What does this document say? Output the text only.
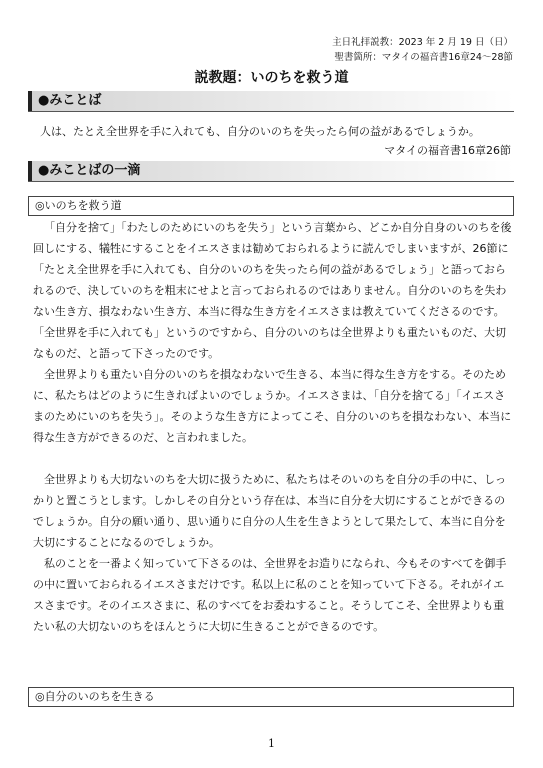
主日礼拝説教：2023 年 2 月 19 日（日）
聖書箇所：マタイの福音書16章24～28節
説教題：いのちを救う道
●みことば
人は、たとえ全世界を手に入れても、自分のいのちを失ったら何の益があるでしょうか。
マタイの福音書16章26節
●みことばの一滴
◎いのちを救う道

「自分を捨て」「わたしのためにいのちを失う」という言葉から、どこか自分自身のいのちを後回しにする、犠牲にすることをイエスさまは勧めておられるように読んでしまいますが、26節に「たとえ全世界を手に入れても、自分のいのちを失ったら何の益があるでしょう」と語っておられるので、決していのちを粗末にせよと言っておられるのではありません。自分のいのちを失わない生き方、損なわない生き方、本当に得な生き方をイエスさまは教えていてくださるのです。「全世界を手に入れても」というのですから、自分のいのちは全世界よりも重たいものだ、大切なものだ、と語って下さったのです。

全世界よりも重たい自分のいのちを損なわないで生きる、本当に得な生き方をする。そのために、私たちはどのように生きればよいのでしょうか。イエスさまは、「自分を捨てる」「イエスさまのためにいのちを失う」。そのような生き方によってこそ、自分のいのちを損なわない、本当に得な生き方ができるのだ、と言われました。

全世界よりも大切ないのちを大切に扱うために、私たちはそのいのちを自分の手の中に、しっかりと置こうとします。しかしその自分という存在は、本当に自分を大切にすることができるのでしょうか。自分の願い通り、思い通りに自分の人生を生きようとして果たして、本当に自分を大切にすることになるのでしょうか。

私のことを一番よく知っていて下さるのは、全世界をお造りになられ、今もそのすべてを御手の中に置いておられるイエスさまだけです。私以上に私のことを知っていて下さる。それがイエスさまです。そのイエスさまに、私のすべてをお委ねすること。そうしてこそ、全世界よりも重たい私の大切ないのちをほんとうに大切に生きることができるのです。

◎自分のいのちを生きる
1
